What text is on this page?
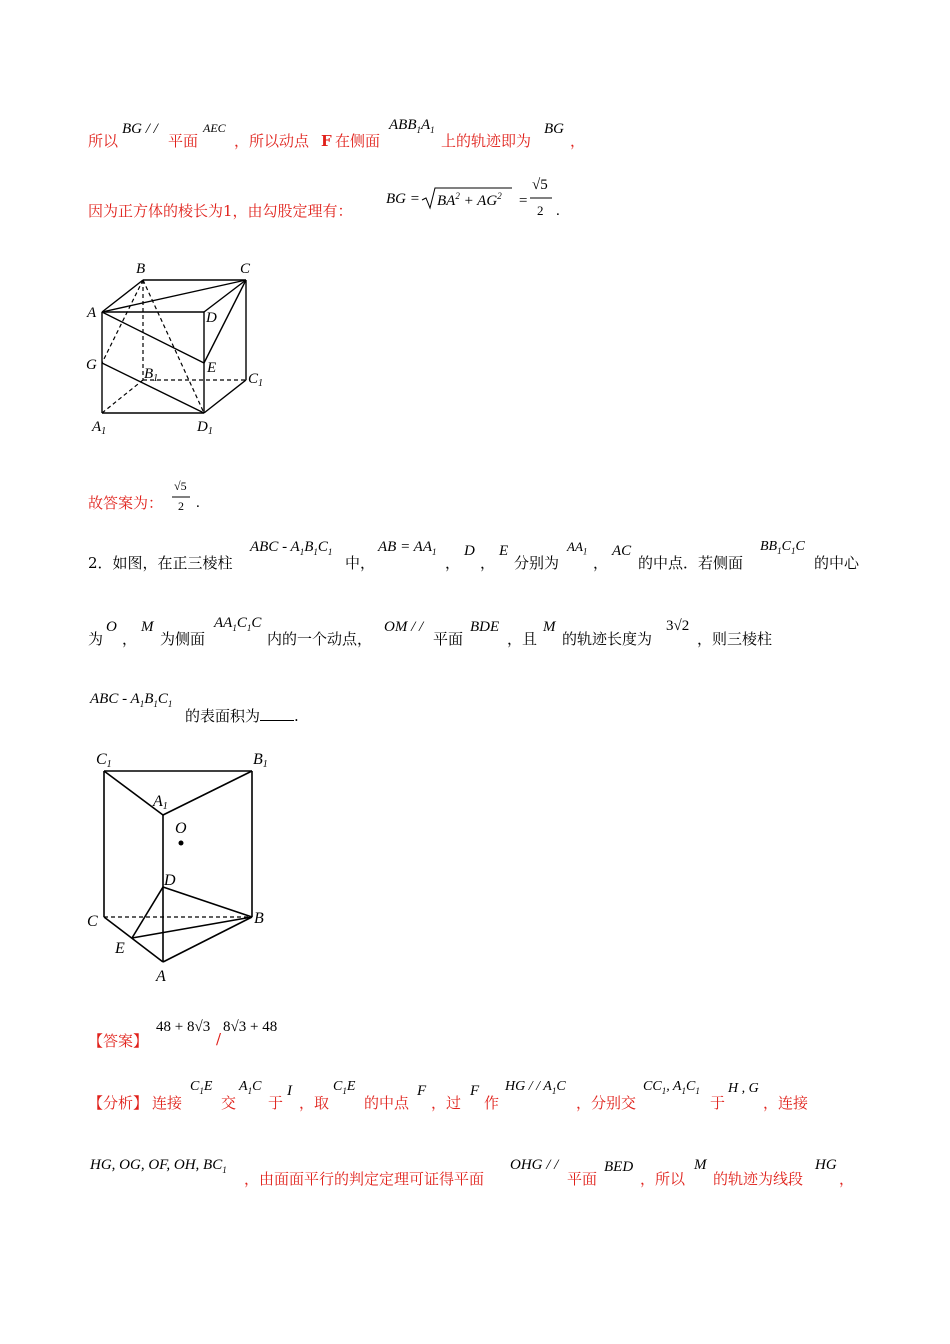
所以
BG / /
平面
AEC
，所以动点 F 在侧面
$ABB_1A_1$
上的轨迹即为
BG
，
因为正方体的棱长为1，由勾股定理有：
BG = $BA^2 + AG^2$ =
√5
2 .
B	C
A	D
G
$B_1$
E
$C_1$
$A_1$	$D_1$
故答案为：
√5
2 .
2．如图，在正三棱柱
ABC - $A_1B_1C_1$
中，
AB = $AA_1$
，
D
，
E
分别为
$AA_1$
，
AC
的中点．若侧面
$BB_1C_1C$
的中心
为
O
，
M
为侧面
$AA_1C_1C$
内的一个动点，
OM / /
平面
BDE
，且
M
的轨迹长度为
3√2
，则三棱柱
ABC - $A_1B_1C_1$
的表面积为 .
C1	B1
A1
O
D
C	B
E
A
【答案】
48 + 8√3
/
8√3 + 48
【分析】 连接
$C_1E$
交
$A_1C$
于
I
，取
$C_1E$
的中点
F
，过
F
作
HG / / $A_1C$
，分别交
$CC_1$, $A_1C_1$
于
H , G
，连接
HG, OG, OF, OH, $BC_1$ ，由面面平行的判定定理可证得平面
OHG / /
平面
BED
，所以
M
的轨迹为线段
HG
，
